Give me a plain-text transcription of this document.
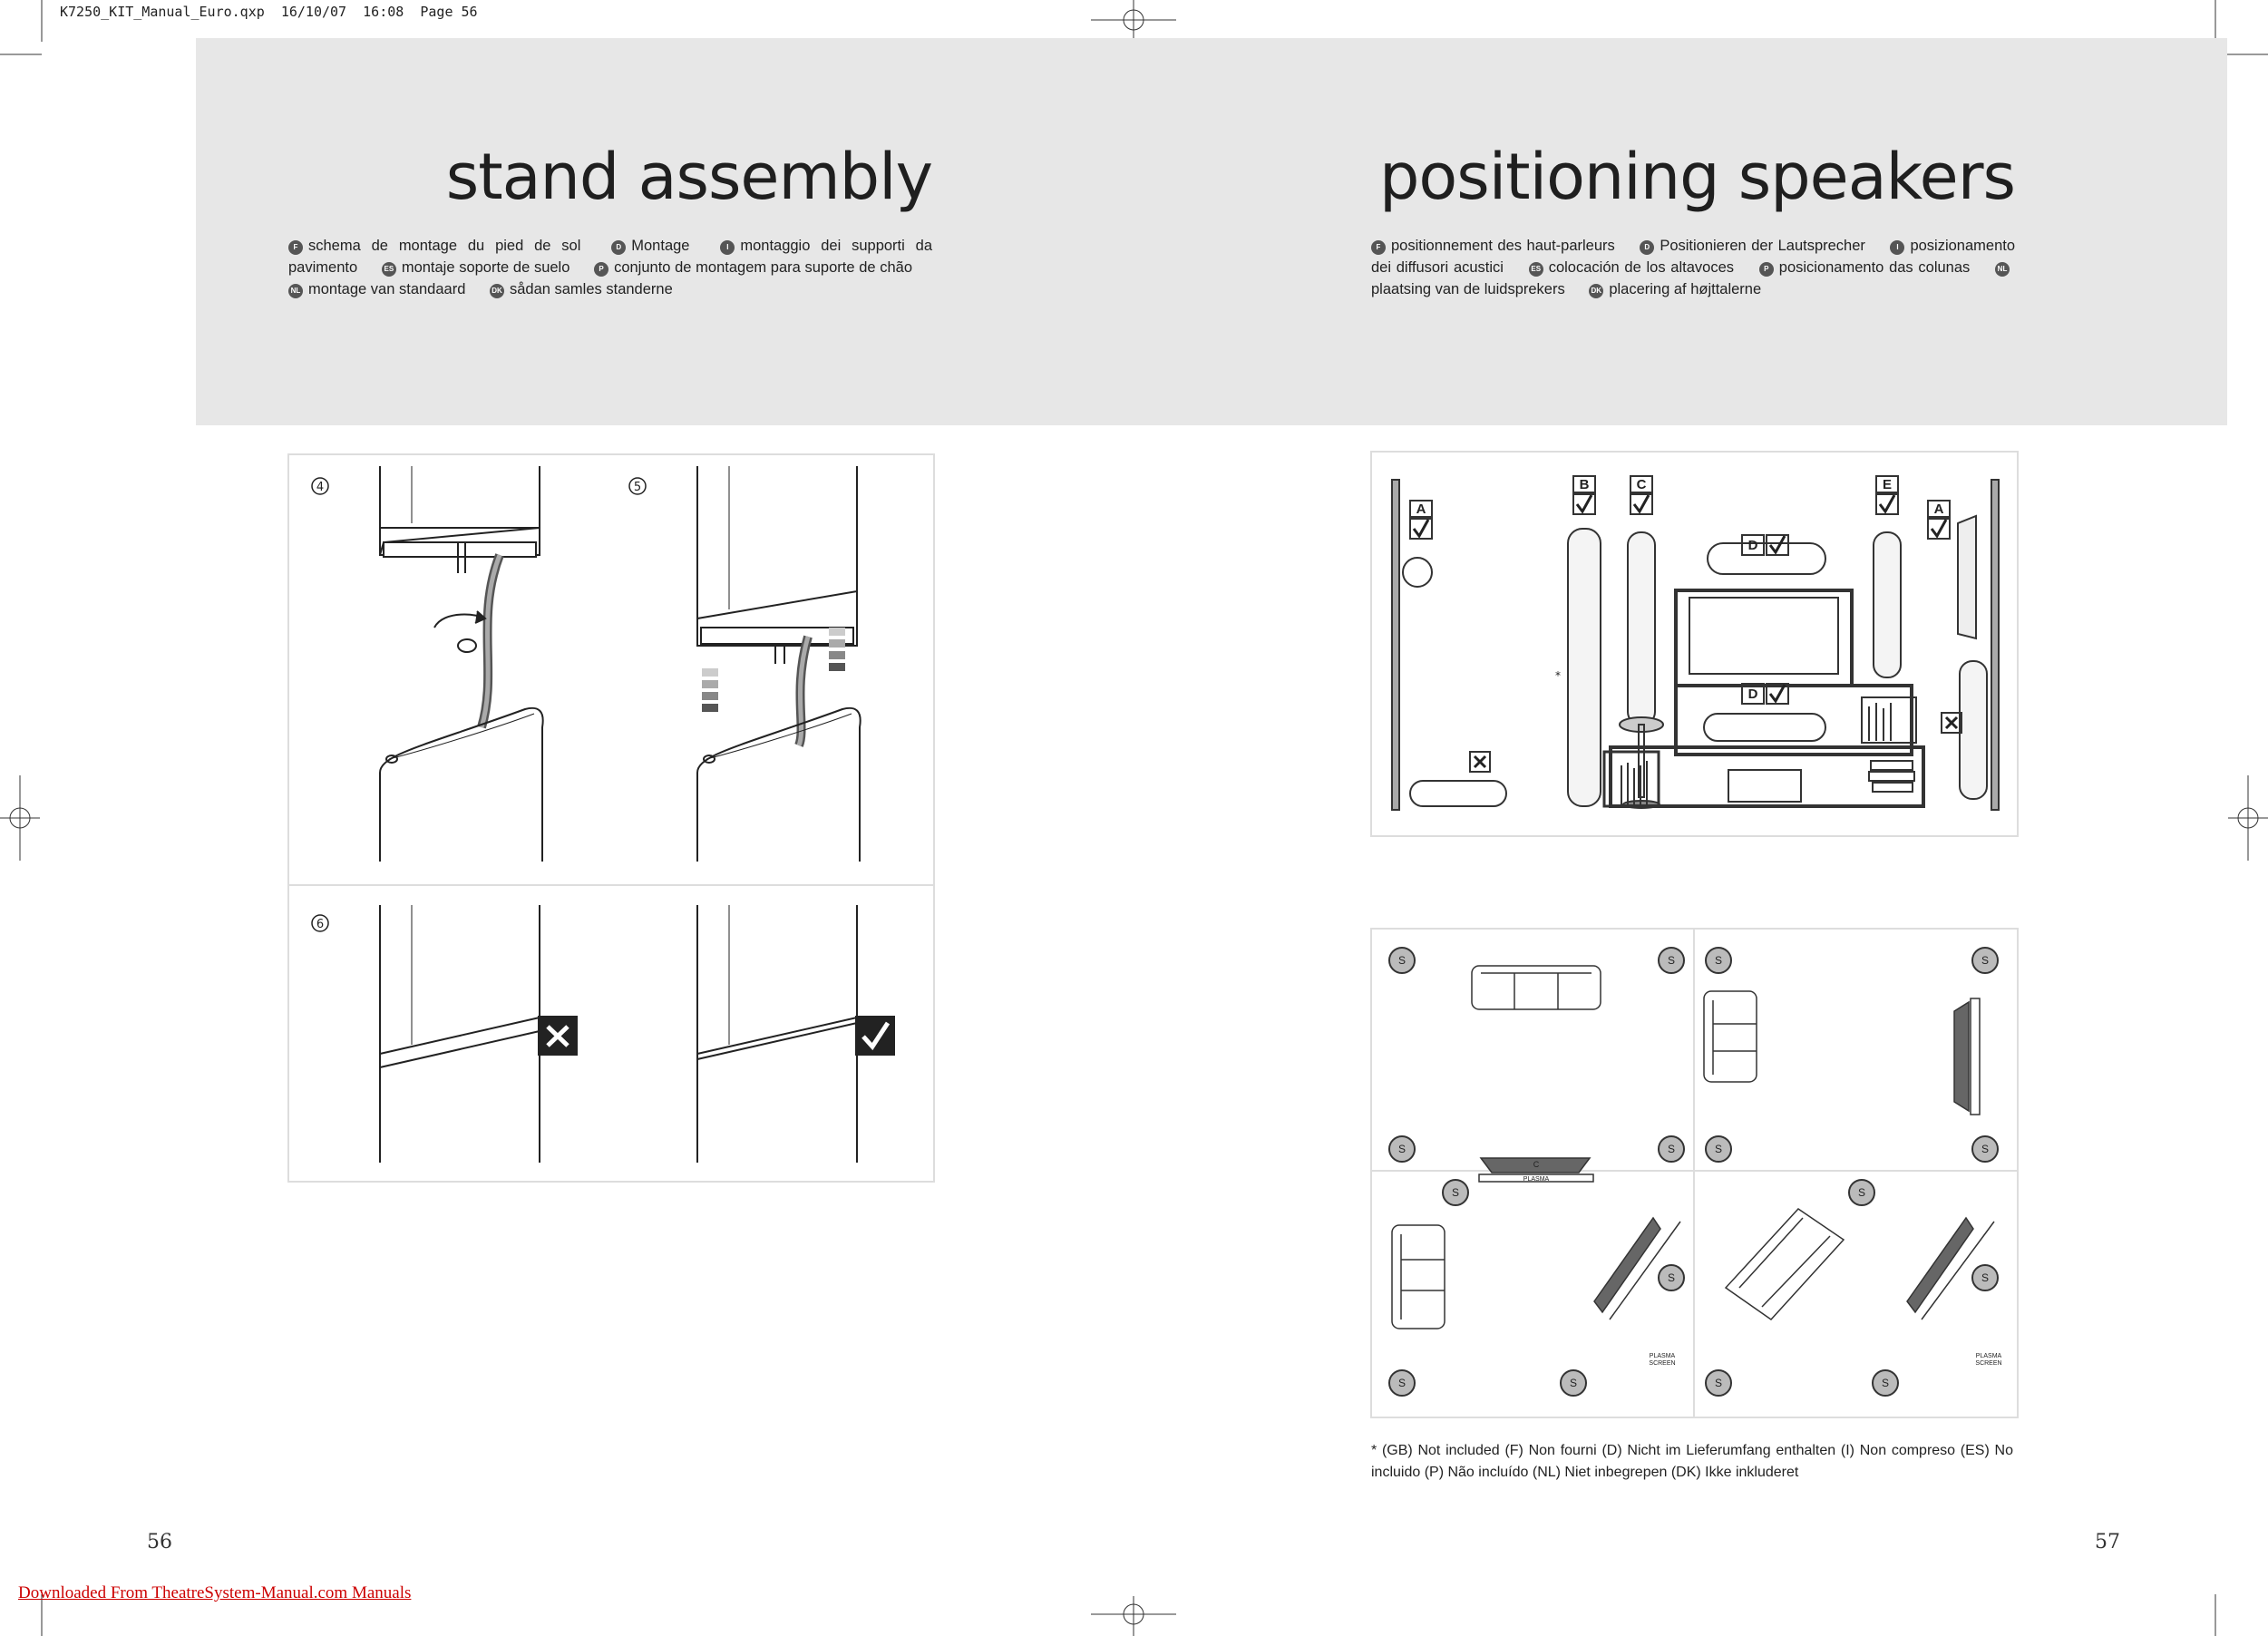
K7250_KIT_Manual_Euro.qxp  16/10/07  16:08  Page 56
stand assembly
F schema de montage du pied de sol	D Montage	I montaggio dei supporti da pavimento	ES montaje soporte de suelo	P conjunto de montagem para suporte de chão NL montage van standaard	DK sådan samles standerne
positioning speakers
F positionnement des haut-parleurs	D Positionieren der Lautsprecher	I posizionamento dei diffusori acustici	ES colocación de los altavoces	P posicionamento das colunas	NLplaatsing van de luidsprekers	DK placering af højttalerne
4	5
6
A
B	C
D
D
E
A
*
S	S
S	S
S	S
S	S
S
S
S	S
S
S
S	S
C
PLASMA
PLASMA
SCREEN
PLASMA
SCREEN
* (GB) Not included (F) Non fourni (D) Nicht im Lieferumfang enthalten (I) Non compreso (ES) No incluido (P) Não incluído (NL) Niet inbegrepen (DK) Ikke inkluderet
56	57
Downloaded From TheatreSystem-Manual.com Manuals
